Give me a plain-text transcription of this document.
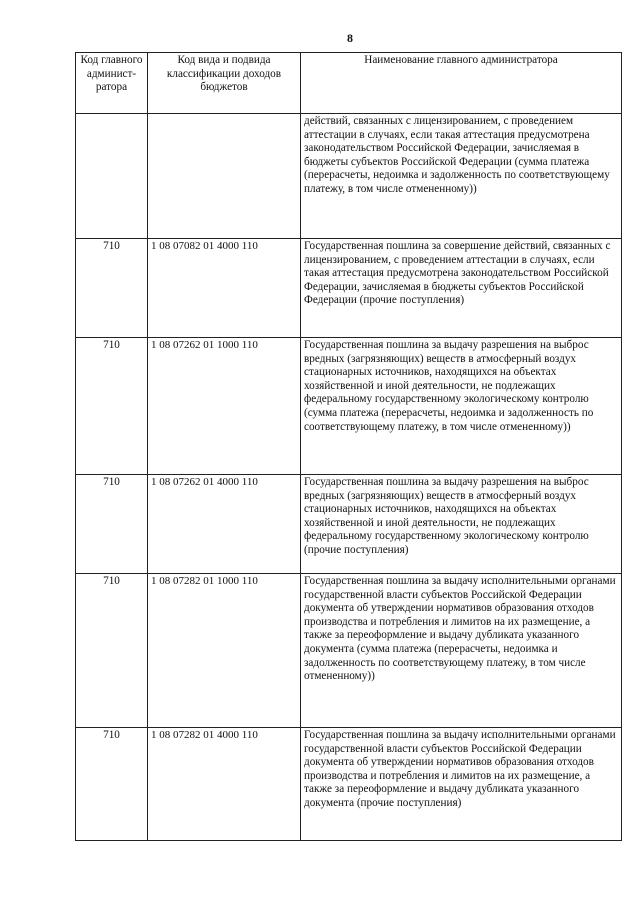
8
Код главного админист-ратора	Код вида и подвида классификации доходов бюджетов	Наименование главного администратора
		действий, связанных с лицензированием, с проведением аттестации в случаях, если такая аттестация предусмотрена законодательством Российской Федерации, зачисляемая в бюджеты субъектов Российской Федерации (сумма платежа (перерасчеты, недоимка и задолженность по соответствующему платежу, в том числе отмененному))
710	1 08 07082 01 4000 110	Государственная пошлина за совершение действий, связанных с лицензированием, с проведением аттестации в случаях, если такая аттестация предусмотрена законодательством Российской Федерации, зачисляемая в бюджеты субъектов Российской Федерации (прочие поступления)
710	1 08 07262 01 1000 110	Государственная пошлина за выдачу разрешения на выброс вредных (загрязняющих) веществ в атмосферный воздух стационарных источников, находящихся на объектах хозяйственной и иной деятельности, не подлежащих федеральному государственному экологическому контролю (сумма платежа (перерасчеты, недоимка и задолженность по соответствующему платежу, в том числе отмененному))
710	1 08 07262 01 4000 110	Государственная пошлина за выдачу разрешения на выброс вредных (загрязняющих) веществ в атмосферный воздух стационарных источников, находящихся на объектах хозяйственной и иной деятельности, не подлежащих федеральному государственному экологическому контролю (прочие поступления)
710	1 08 07282 01 1000 110	Государственная пошлина за выдачу исполнительными органами государственной власти субъектов Российской Федерации документа об утверждении нормативов образования отходов производства и потребления и лимитов на их размещение, а также за переоформление и выдачу дубликата указанного документа (сумма платежа (перерасчеты, недоимка и задолженность по соответствующему платежу, в том числе отмененному))
710	1 08 07282 01 4000 110	Государственная пошлина за выдачу исполнительными органами государственной власти субъектов Российской Федерации документа об утверждении нормативов образования отходов производства и потребления и лимитов на их размещение, а также за переоформление и выдачу дубликата указанного документа (прочие поступления)
